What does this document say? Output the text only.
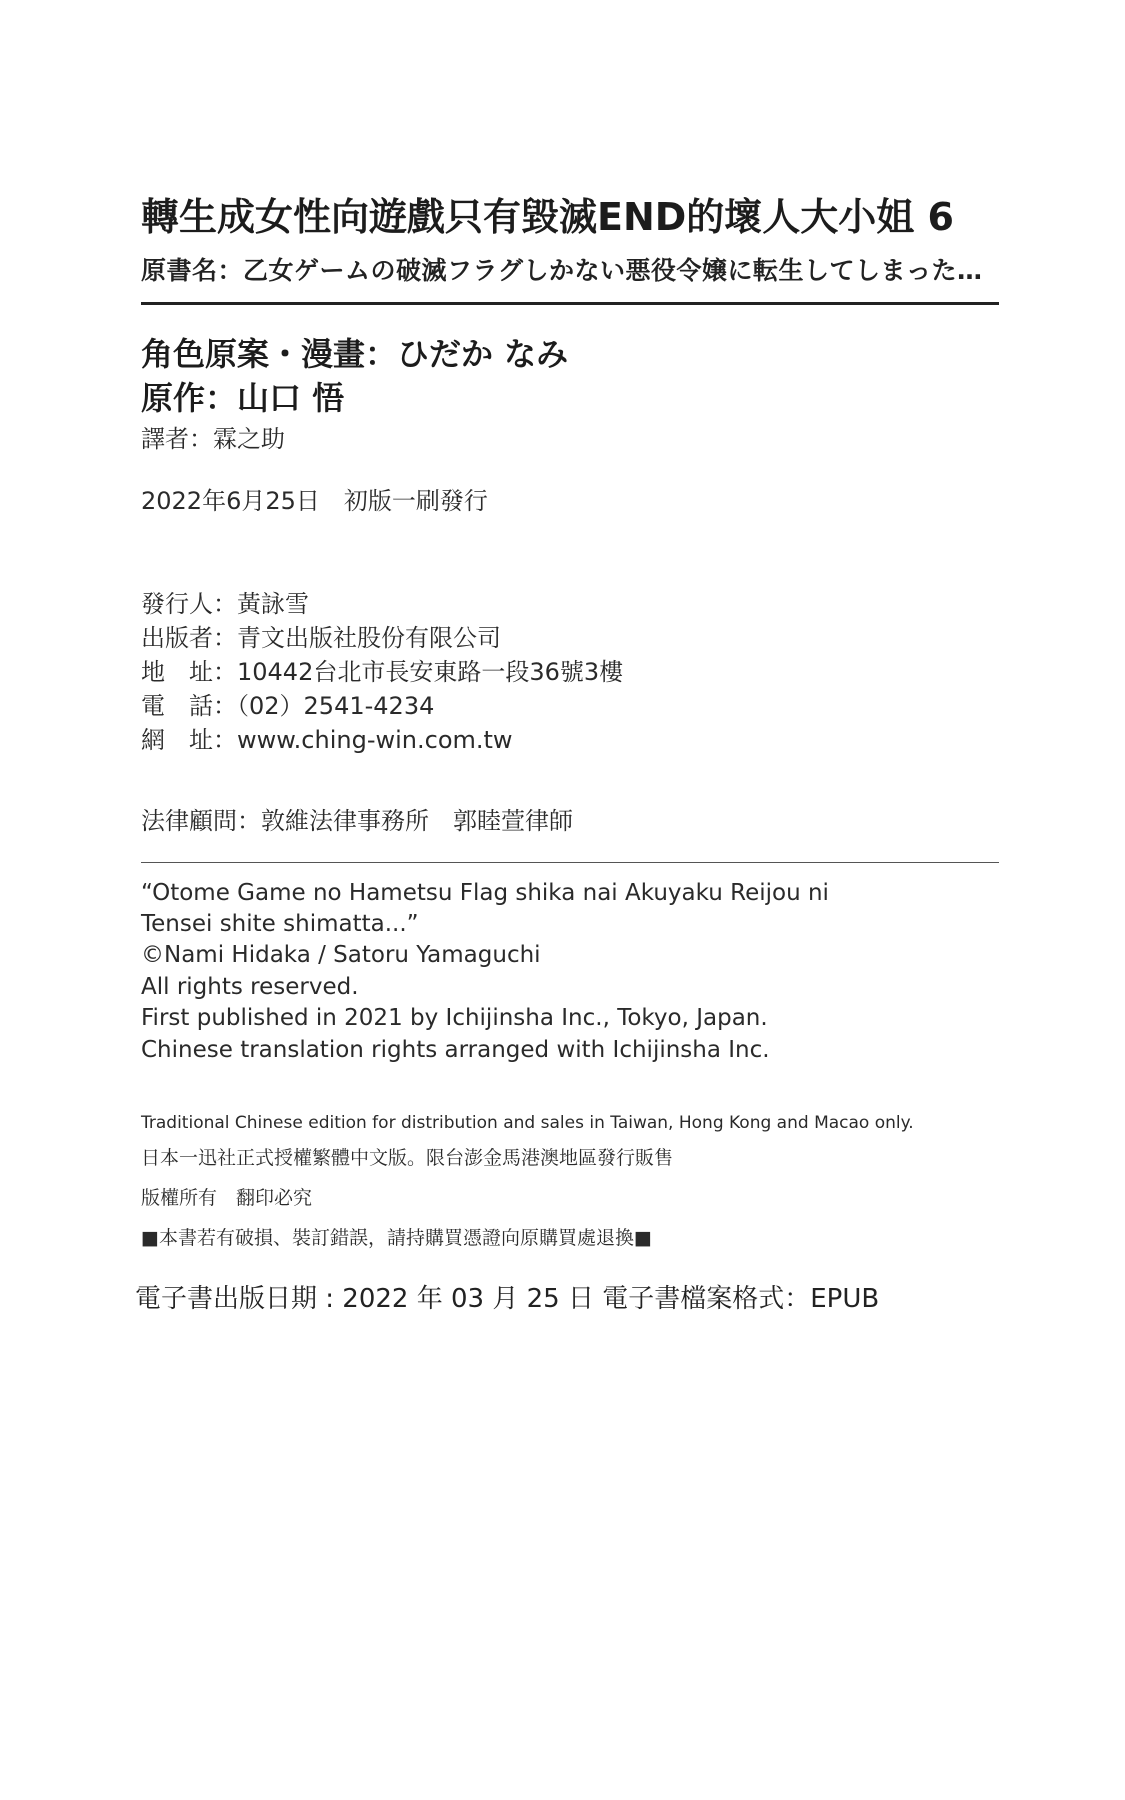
轉生成女性向遊戲只有毀滅END的壞人大小姐 6
原書名：乙女ゲームの破滅フラグしかない悪役令嬢に転生してしまった…
角色原案・漫畫：ひだか なみ
原作：山口 悟
譯者：霖之助
2022年6月25日　初版一刷發行
發行人：黃詠雪
出版者：青文出版社股份有限公司
地　址：10442台北市長安東路一段36號3樓
電　話：（02）2541-4234
網　址：www.ching-win.com.tw
法律顧問：敦維法律事務所　郭睦萱律師
“Otome Game no Hametsu Flag shika nai Akuyaku Reijou ni
Tensei shite shimatta...”
©Nami Hidaka / Satoru Yamaguchi
All rights reserved.
First published in 2021 by Ichijinsha Inc., Tokyo, Japan.
Chinese translation rights arranged with Ichijinsha Inc.
Traditional Chinese edition for distribution and sales in Taiwan, Hong Kong and Macao only.
日本一迅社正式授權繁體中文版。限台澎金馬港澳地區發行販售
版權所有　翻印必究
■本書若有破損、裝訂錯誤，請持購買憑證向原購買處退換■
電子書出版日期 : 2022 年 03 月 25 日 電子書檔案格式：EPUB
